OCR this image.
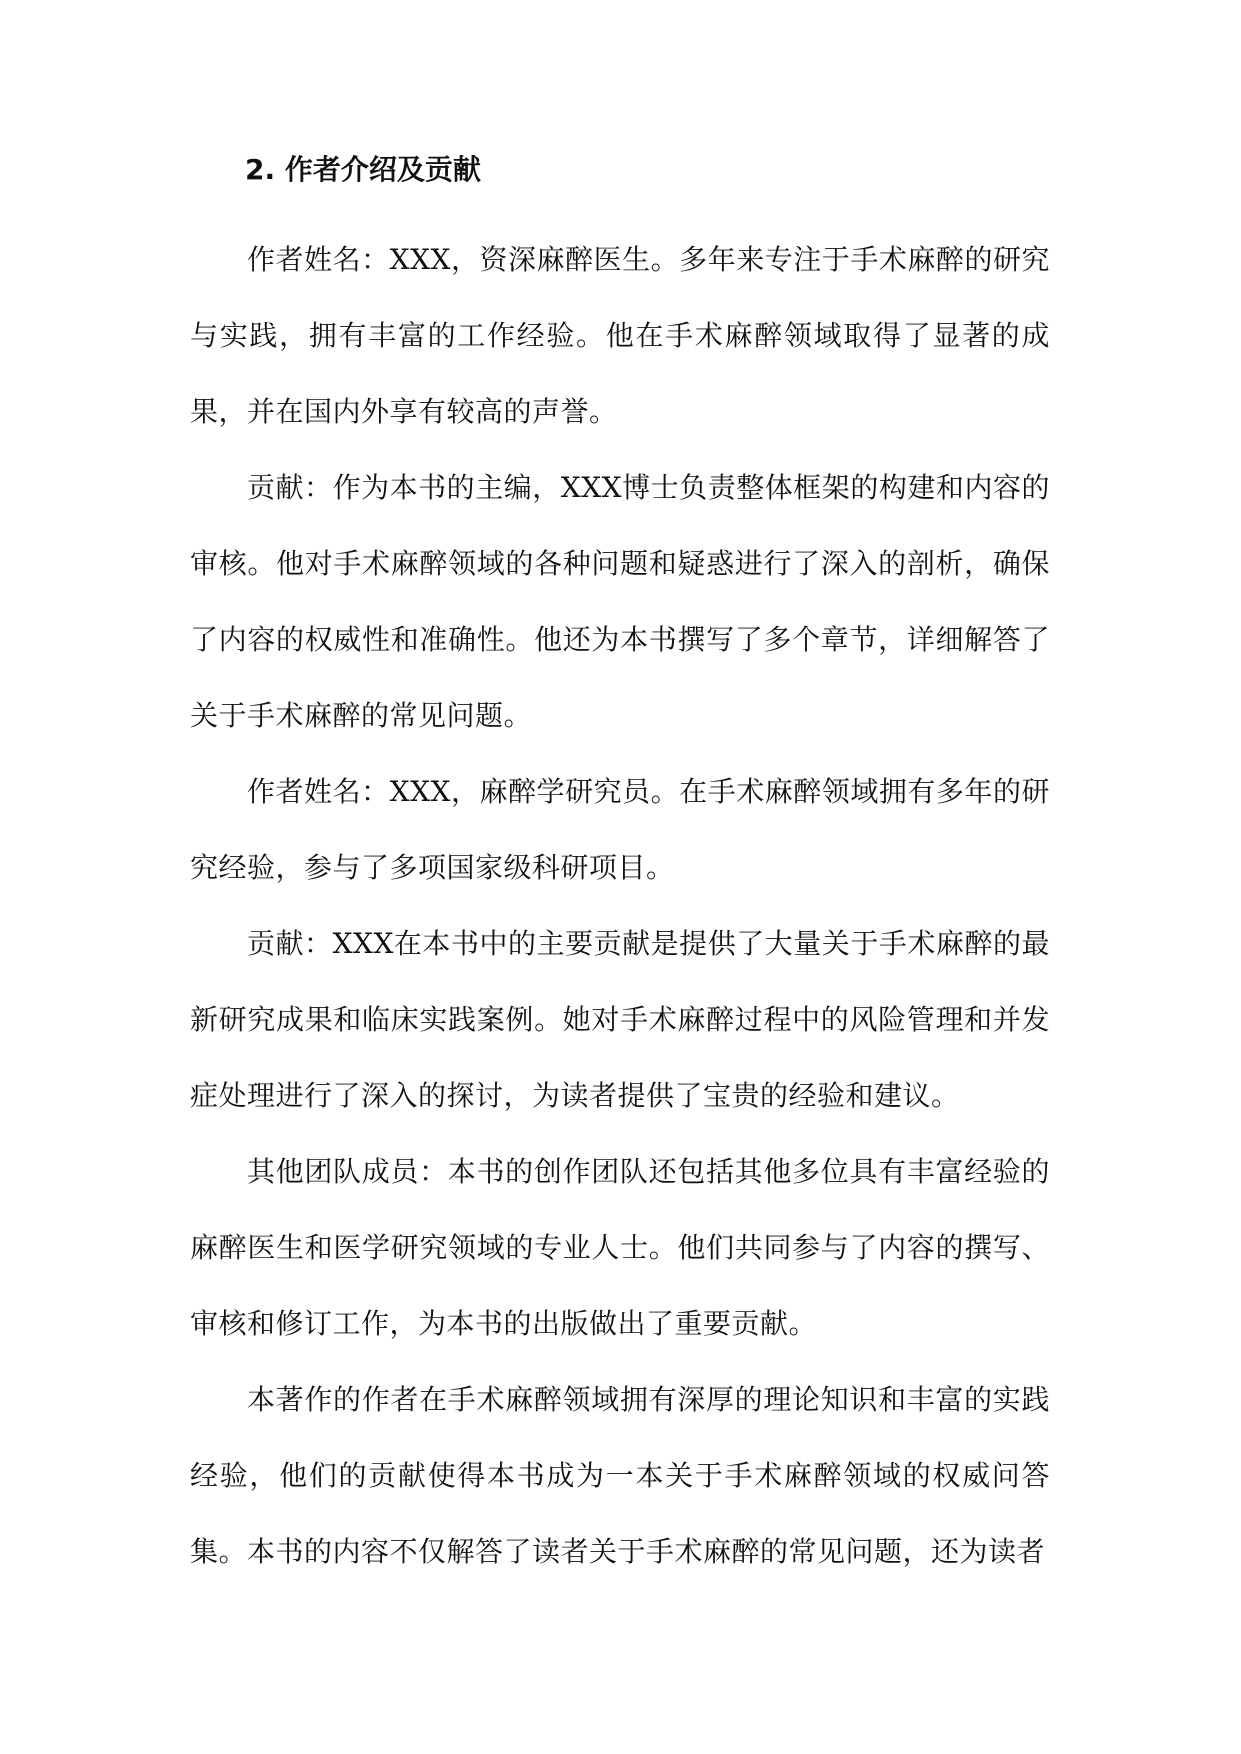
2. 作者介绍及贡献

作者姓名：XXX，资深麻醉医生。多年来专注于手术麻醉的研究与实践，拥有丰富的工作经验。他在手术麻醉领域取得了显著的成果，并在国内外享有较高的声誉。

贡献：作为本书的主编，XXX博士负责整体框架的构建和内容的审核。他对手术麻醉领域的各种问题和疑惑进行了深入的剖析，确保了内容的权威性和准确性。他还为本书撰写了多个章节，详细解答了关于手术麻醉的常见问题。

作者姓名：XXX，麻醉学研究员。在手术麻醉领域拥有多年的研究经验，参与了多项国家级科研项目。

贡献：XXX在本书中的主要贡献是提供了大量关于手术麻醉的最新研究成果和临床实践案例。她对手术麻醉过程中的风险管理和并发症处理进行了深入的探讨，为读者提供了宝贵的经验和建议。

其他团队成员：本书的创作团队还包括其他多位具有丰富经验的麻醉医生和医学研究领域的专业人士。他们共同参与了内容的撰写、审核和修订工作，为本书的出版做出了重要贡献。

本著作的作者在手术麻醉领域拥有深厚的理论知识和丰富的实践经验，他们的贡献使得本书成为一本关于手术麻醉领域的权威问答集。本书的内容不仅解答了读者关于手术麻醉的常见问题，还为读者
